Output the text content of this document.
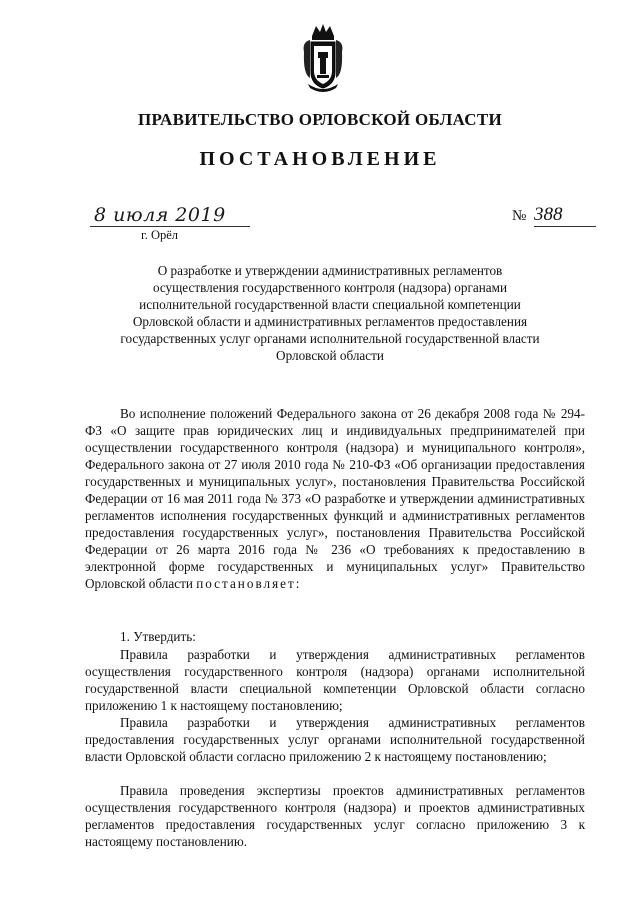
ПРАВИТЕЛЬСТВО ОРЛОВСКОЙ ОБЛАСТИ
ПОСТАНОВЛЕНИЕ
8 июля 2019	№ 388
г. Орёл
О разработке и утверждении административных регламентов осуществления государственного контроля (надзора) органами исполнительной государственной власти специальной компетенции Орловской области и административных регламентов предоставления государственных услуг органами исполнительной государственной власти Орловской области
Во исполнение положений Федерального закона от 26 декабря 2008 года № 294-ФЗ «О защите прав юридических лиц и индивидуальных предпринимателей при осуществлении государственного контроля (надзора) и муниципального контроля», Федерального закона от 27 июля 2010 года № 210-ФЗ «Об организации предоставления государственных и муниципальных услуг», постановления Правительства Российской Федерации от 16 мая 2011 года № 373 «О разработке и утверждении административных регламентов исполнения государственных функций и административных регламентов предоставления государственных услуг», постановления Правительства Российской Федерации от 26 марта 2016 года № 236 «О требованиях к предоставлению в электронной форме государственных и муниципальных услуг» Правительство Орловской области постановляет:
1. Утвердить:
Правила разработки и утверждения административных регламентов осуществления государственного контроля (надзора) органами исполнительной государственной власти специальной компетенции Орловской области согласно приложению 1 к настоящему постановлению;
Правила разработки и утверждения административных регламентов предоставления государственных услуг органами исполнительной государственной власти Орловской области согласно приложению 2 к настоящему постановлению;
Правила проведения экспертизы проектов административных регламентов осуществления государственного контроля (надзора) и проектов административных регламентов предоставления государственных услуг согласно приложению 3 к настоящему постановлению.
